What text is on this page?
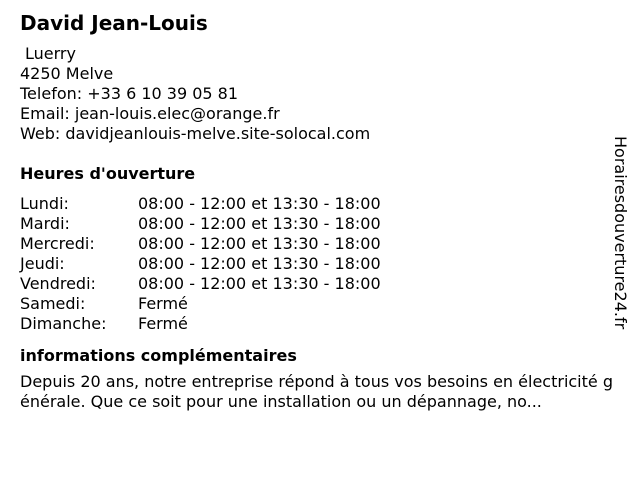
David Jean-Louis
Luerry
4250 Melve
Telefon: +33 6 10 39 05 81
Email: jean-louis.elec@orange.fr
Web: davidjeanlouis-melve.site-solocal.com
Heures d'ouverture
Lundi:	08:00 - 12:00 et 13:30 - 18:00
Mardi:	08:00 - 12:00 et 13:30 - 18:00
Mercredi:	08:00 - 12:00 et 13:30 - 18:00
Jeudi:	08:00 - 12:00 et 13:30 - 18:00
Vendredi:	08:00 - 12:00 et 13:30 - 18:00
Samedi:	Fermé
Dimanche:	Fermé
informations complémentaires
Depuis 20 ans, notre entreprise répond à tous vos besoins en électricité générale. Que ce soit pour une installation ou un dépannage, no...
Horairesdouverture24.fr
